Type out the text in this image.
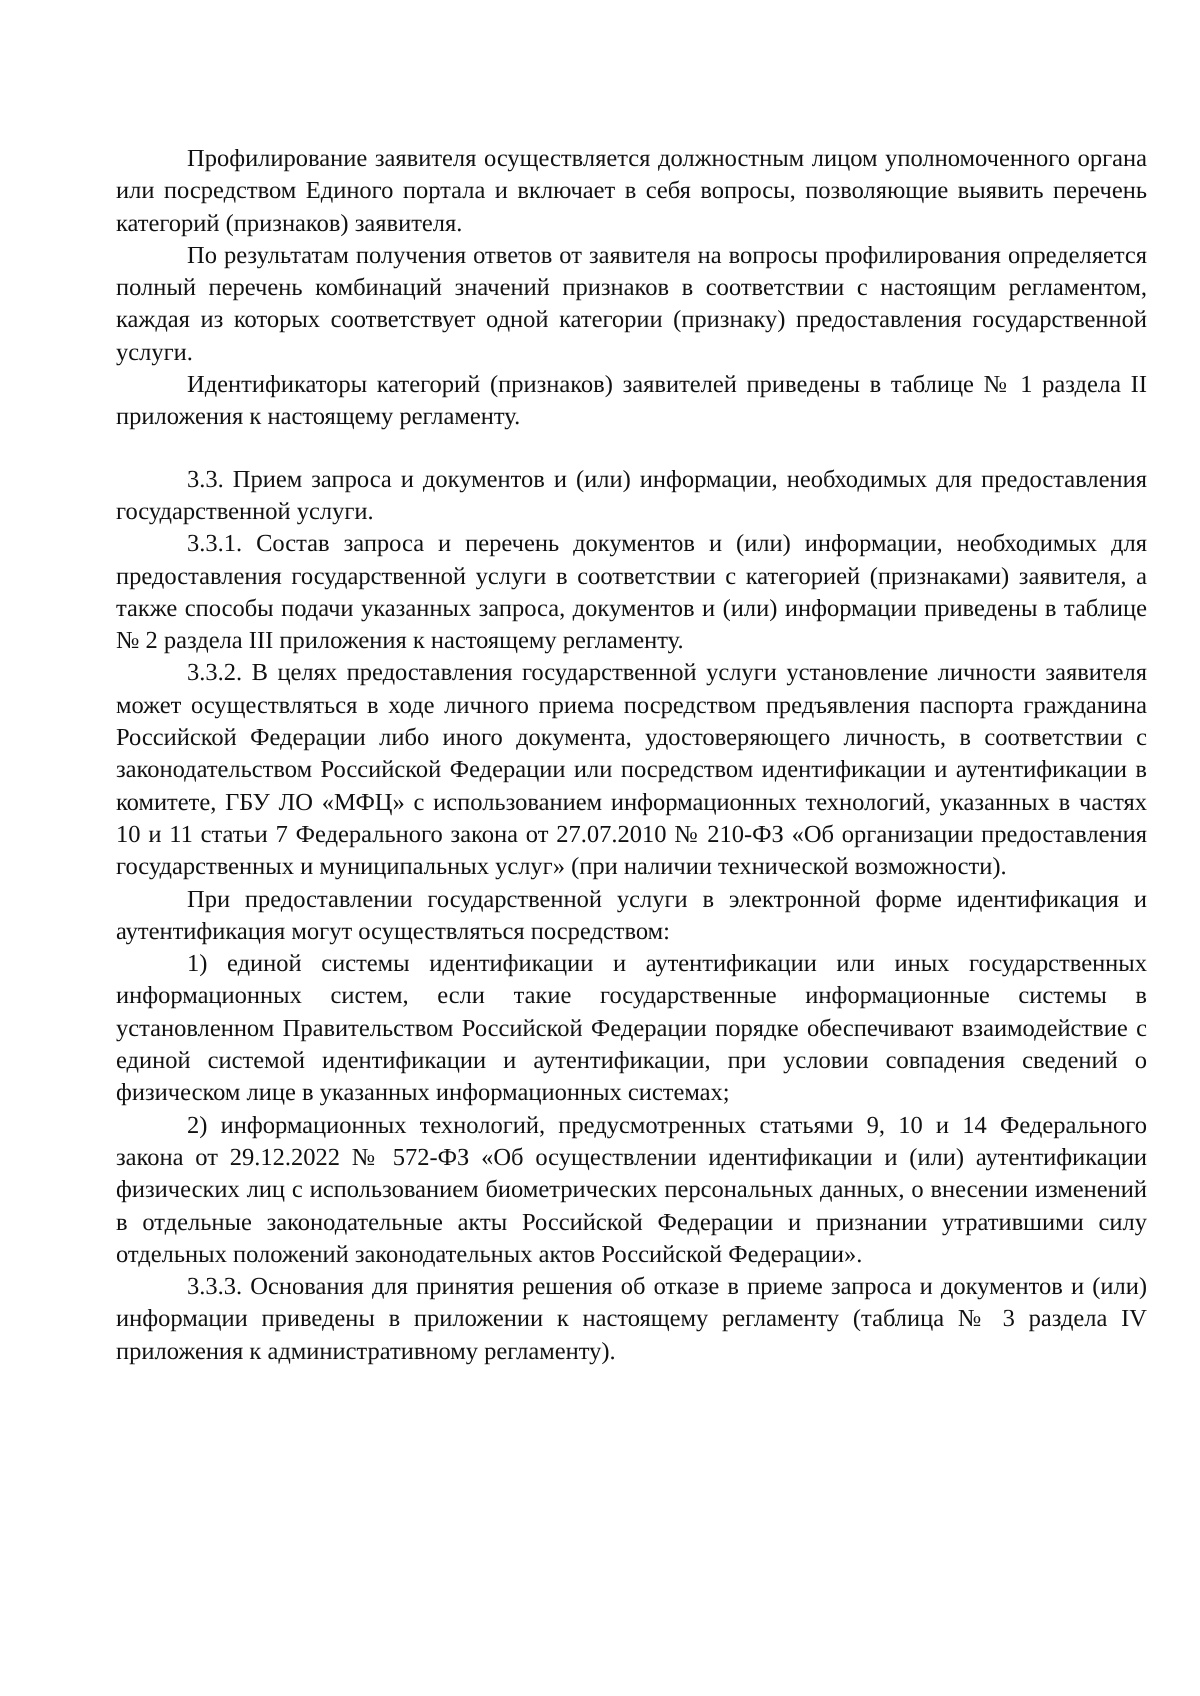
Профилирование заявителя осуществляется должностным лицом уполномоченного органа или посредством Единого портала и включает в себя вопросы, позволяющие выявить перечень категорий (признаков) заявителя.

По результатам получения ответов от заявителя на вопросы профилирования определяется полный перечень комбинаций значений признаков в соответствии с настоящим регламентом, каждая из которых соответствует одной категории (признаку) предоставления государственной услуги.

Идентификаторы категорий (признаков) заявителей приведены в таблице № 1 раздела II приложения к настоящему регламенту.

3.3. Прием запроса и документов и (или) информации, необходимых для предоставления государственной услуги.

3.3.1. Состав запроса и перечень документов и (или) информации, необходимых для предоставления государственной услуги в соответствии с категорией (признаками) заявителя, а также способы подачи указанных запроса, документов и (или) информации приведены в таблице № 2 раздела III приложения к настоящему регламенту.

3.3.2. В целях предоставления государственной услуги установление личности заявителя может осуществляться в ходе личного приема посредством предъявления паспорта гражданина Российской Федерации либо иного документа, удостоверяющего личность, в соответствии с законодательством Российской Федерации или посредством идентификации и аутентификации в комитете, ГБУ ЛО «МФЦ» с использованием информационных технологий, указанных в частях 10 и 11 статьи 7 Федерального закона от 27.07.2010 № 210-ФЗ «Об организации предоставления государственных и муниципальных услуг» (при наличии технической возможности).

При предоставлении государственной услуги в электронной форме идентификация и аутентификация могут осуществляться посредством:

1) единой системы идентификации и аутентификации или иных государственных информационных систем, если такие государственные информационные системы в установленном Правительством Российской Федерации порядке обеспечивают взаимодействие с единой системой идентификации и аутентификации, при условии совпадения сведений о физическом лице в указанных информационных системах;

2) информационных технологий, предусмотренных статьями 9, 10 и 14 Федерального закона от 29.12.2022 № 572-ФЗ «Об осуществлении идентификации и (или) аутентификации физических лиц с использованием биометрических персональных данных, о внесении изменений в отдельные законодательные акты Российской Федерации и признании утратившими силу отдельных положений законодательных актов Российской Федерации».

3.3.3. Основания для принятия решения об отказе в приеме запроса и документов и (или) информации приведены в приложении к настоящему регламенту (таблица № 3 раздела IV приложения к административному регламенту).
